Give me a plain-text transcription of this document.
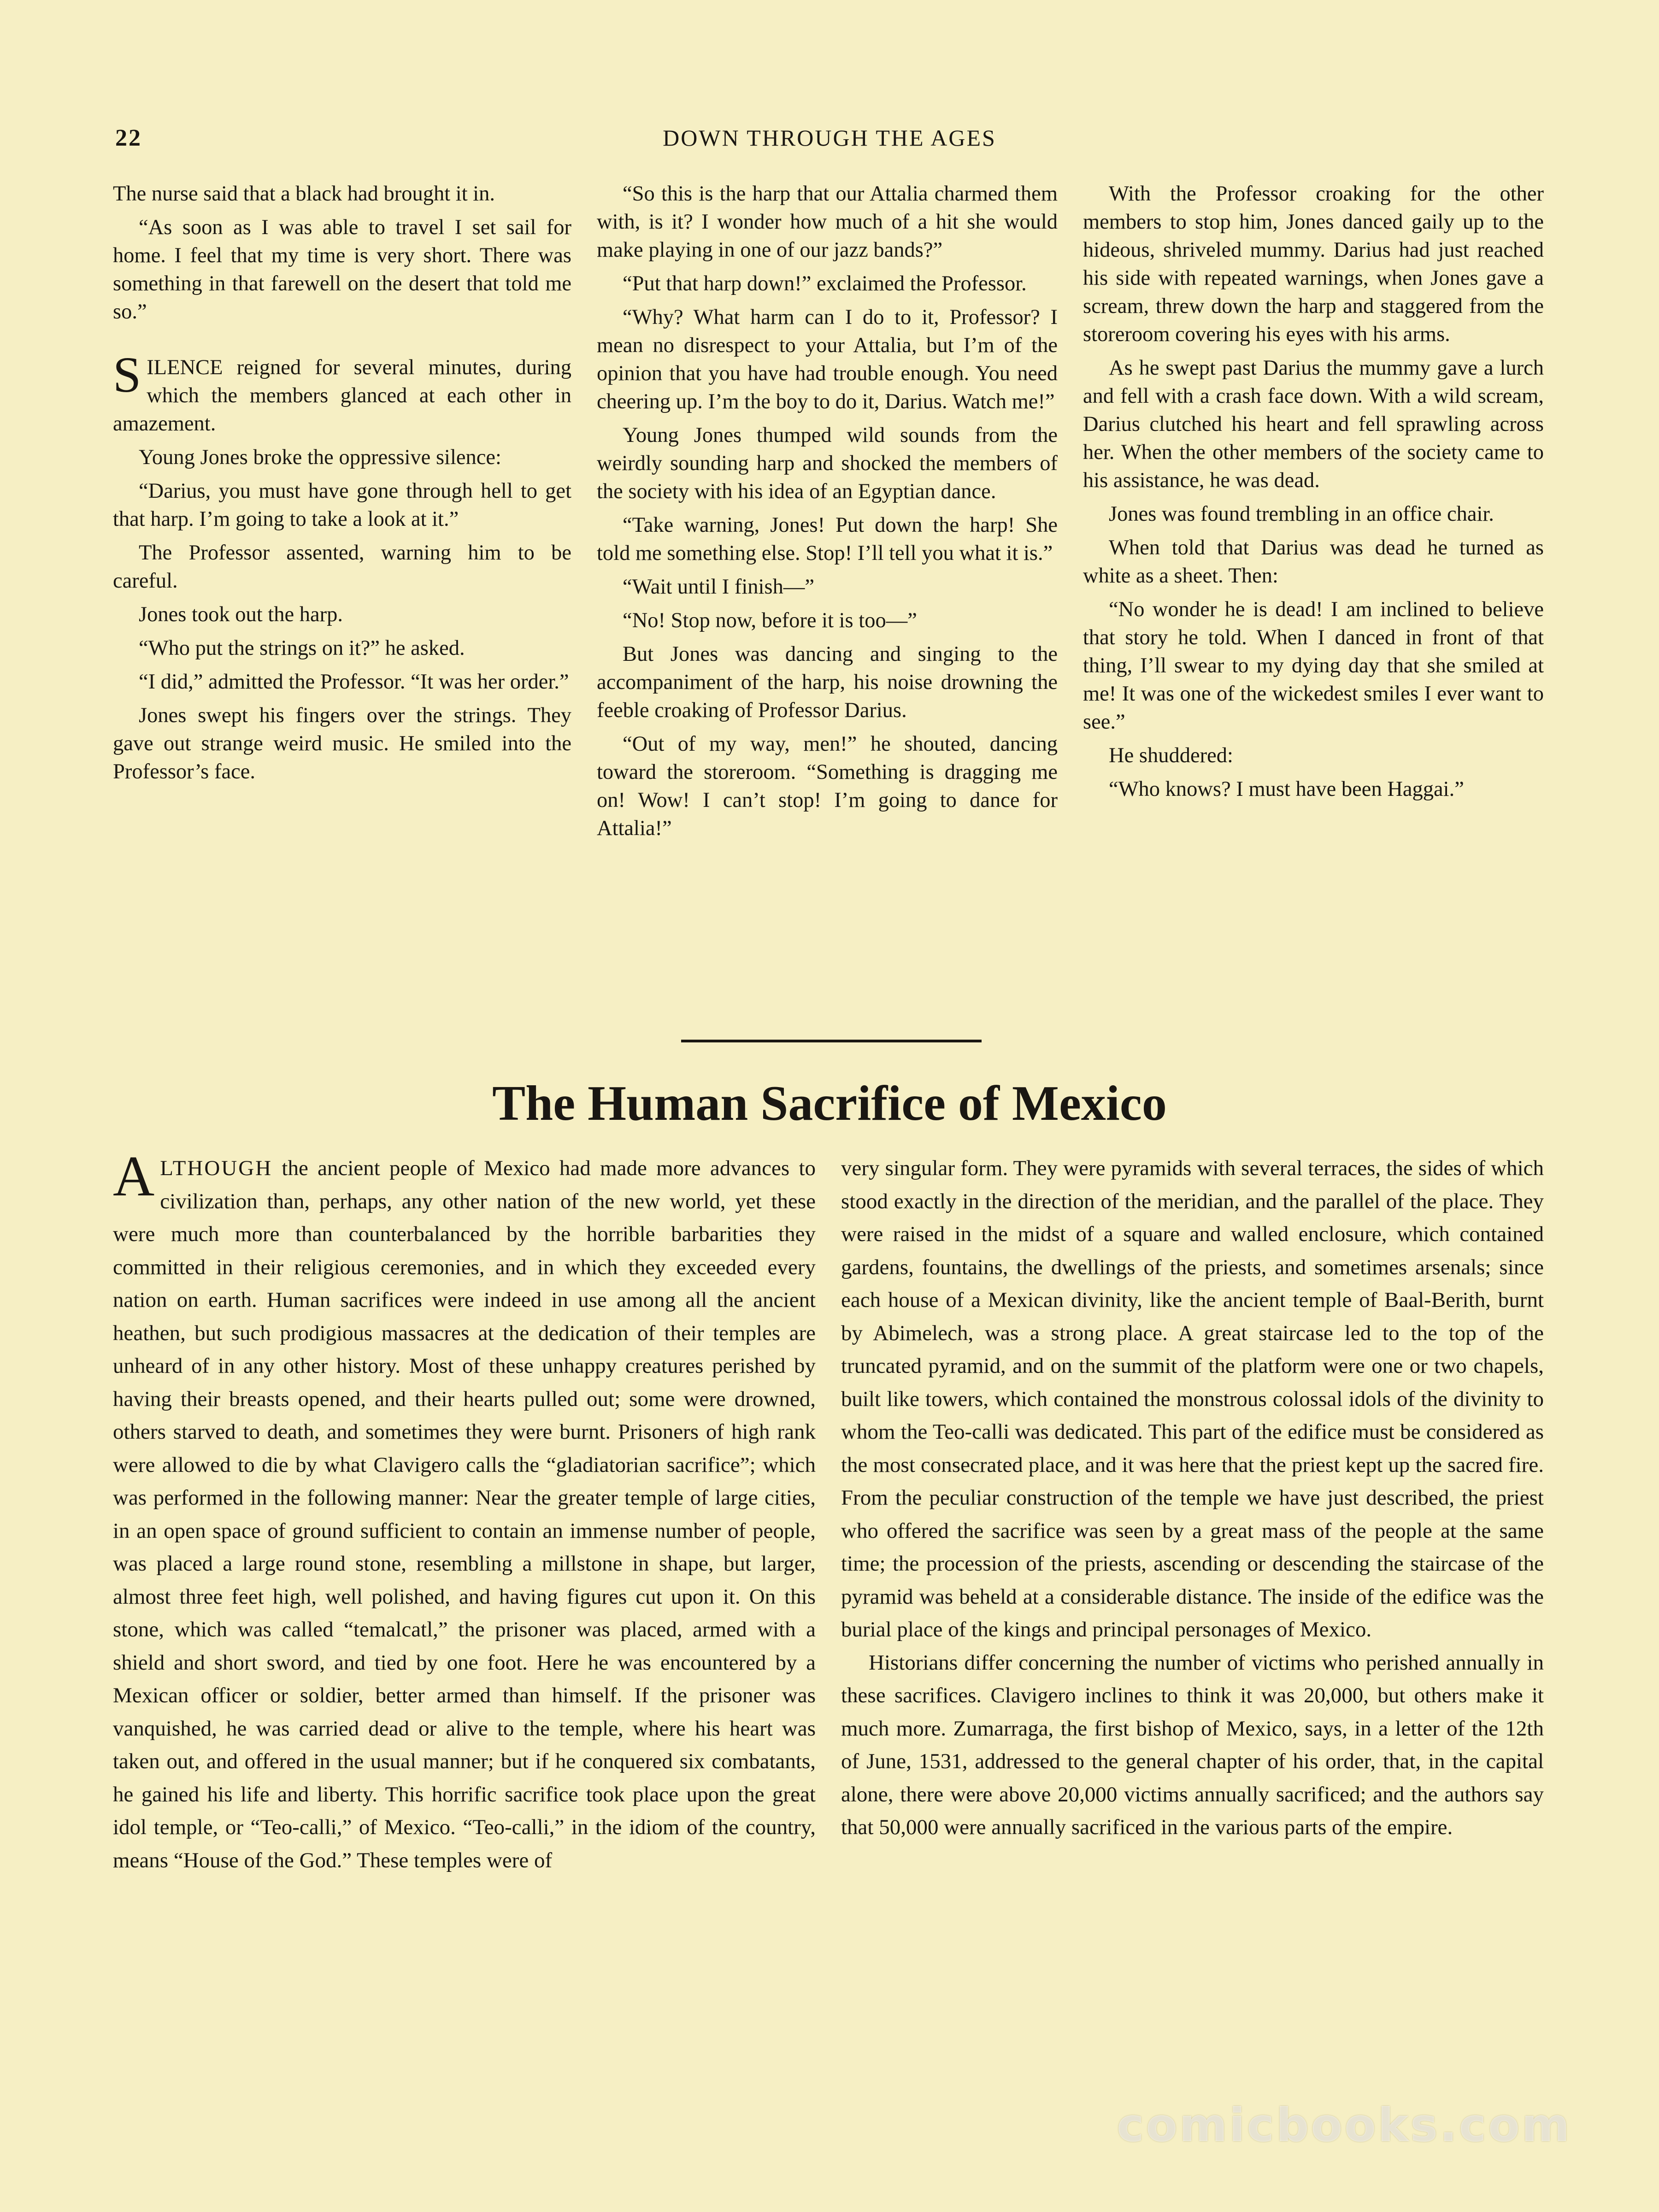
22	DOWN THROUGH THE AGES

The nurse said that a black had brought it in.

“As soon as I was able to travel I set sail for home. I feel that my time is very short. There was something in that farewell on the desert that told me so.”

S ILENCE reigned for several minutes, during which the members glanced at each other in amazement.

Young Jones broke the oppressive silence:

“Darius, you must have gone through hell to get that harp. I’m going to take a look at it.”

The Professor assented, warning him to be careful.

Jones took out the harp.

“Who put the strings on it?” he asked.

“I did,” admitted the Professor. “It was her order.”

Jones swept his fingers over the strings. They gave out strange weird music. He smiled into the Professor’s face.

“So this is the harp that our Attalia charmed them with, is it? I wonder how much of a hit she would make playing in one of our jazz bands?”

“Put that harp down!” exclaimed the Professor.

“Why? What harm can I do to it, Professor? I mean no disrespect to your Attalia, but I’m of the opinion that you have had trouble enough. You need cheering up. I’m the boy to do it, Darius. Watch me!”

Young Jones thumped wild sounds from the weirdly sounding harp and shocked the members of the society with his idea of an Egyptian dance.

“Take warning, Jones! Put down the harp! She told me something else. Stop! I’ll tell you what it is.”

“Wait until I finish—”

“No! Stop now, before it is too—”

But Jones was dancing and singing to the accompaniment of the harp, his noise drowning the feeble croaking of Professor Darius.

“Out of my way, men!” he shouted, dancing toward the storeroom. “Something is dragging me on! Wow! I can’t stop! I’m going to dance for Attalia!”

With the Professor croaking for the other members to stop him, Jones danced gaily up to the hideous, shriveled mummy. Darius had just reached his side with repeated warnings, when Jones gave a scream, threw down the harp and staggered from the storeroom covering his eyes with his arms.

As he swept past Darius the mummy gave a lurch and fell with a crash face down. With a wild scream, Darius clutched his heart and fell sprawling across her. When the other members of the society came to his assistance, he was dead.

Jones was found trembling in an office chair.

When told that Darius was dead he turned as white as a sheet. Then:

“No wonder he is dead! I am inclined to believe that story he told. When I danced in front of that thing, I’ll swear to my dying day that she smiled at me! It was one of the wickedest smiles I ever want to see.”

He shuddered:

“Who knows? I must have been Haggai.”

The Human Sacrifice of Mexico

A LTHOUGH the ancient people of Mexico had made more advances to civilization than, perhaps, any other nation of the new world, yet these were much more than counterbalanced by the horrible barbarities they committed in their religious ceremonies, and in which they exceeded every nation on earth. Human sacrifices were indeed in use among all the ancient heathen, but such prodigious massacres at the dedication of their temples are unheard of in any other history. Most of these unhappy creatures perished by having their breasts opened, and their hearts pulled out; some were drowned, others starved to death, and sometimes they were burnt. Prisoners of high rank were allowed to die by what Clavigero calls the “gladiatorian sacrifice”; which was performed in the following manner: Near the greater temple of large cities, in an open space of ground sufficient to contain an immense number of people, was placed a large round stone, resembling a millstone in shape, but larger, almost three feet high, well polished, and having figures cut upon it. On this stone, which was called “temalcatl,” the prisoner was placed, armed with a shield and short sword, and tied by one foot. Here he was encountered by a Mexican officer or soldier, better armed than himself. If the prisoner was vanquished, he was carried dead or alive to the temple, where his heart was taken out, and offered in the usual manner; but if he conquered six combatants, he gained his life and liberty. This horrific sacrifice took place upon the great idol temple, or “Teo-calli,” of Mexico. “Teo-calli,” in the idiom of the country, means “House of the God.” These temples were of

very singular form. They were pyramids with several terraces, the sides of which stood exactly in the direction of the meridian, and the parallel of the place. They were raised in the midst of a square and walled enclosure, which contained gardens, fountains, the dwellings of the priests, and sometimes arsenals; since each house of a Mexican divinity, like the ancient temple of Baal-Berith, burnt by Abimelech, was a strong place. A great staircase led to the top of the truncated pyramid, and on the summit of the platform were one or two chapels, built like towers, which contained the monstrous colossal idols of the divinity to whom the Teo-calli was dedicated. This part of the edifice must be considered as the most consecrated place, and it was here that the priest kept up the sacred fire. From the peculiar construction of the temple we have just described, the priest who offered the sacrifice was seen by a great mass of the people at the same time; the procession of the priests, ascending or descending the staircase of the pyramid was beheld at a considerable distance. The inside of the edifice was the burial place of the kings and principal personages of Mexico.

Historians differ concerning the number of victims who perished annually in these sacrifices. Clavigero inclines to think it was 20,000, but others make it much more. Zumarraga, the first bishop of Mexico, says, in a letter of the 12th of June, 1531, addressed to the general chapter of his order, that, in the capital alone, there were above 20,000 victims annually sacrificed; and the authors say that 50,000 were annually sacrificed in the various parts of the empire.

comicbooks.com
